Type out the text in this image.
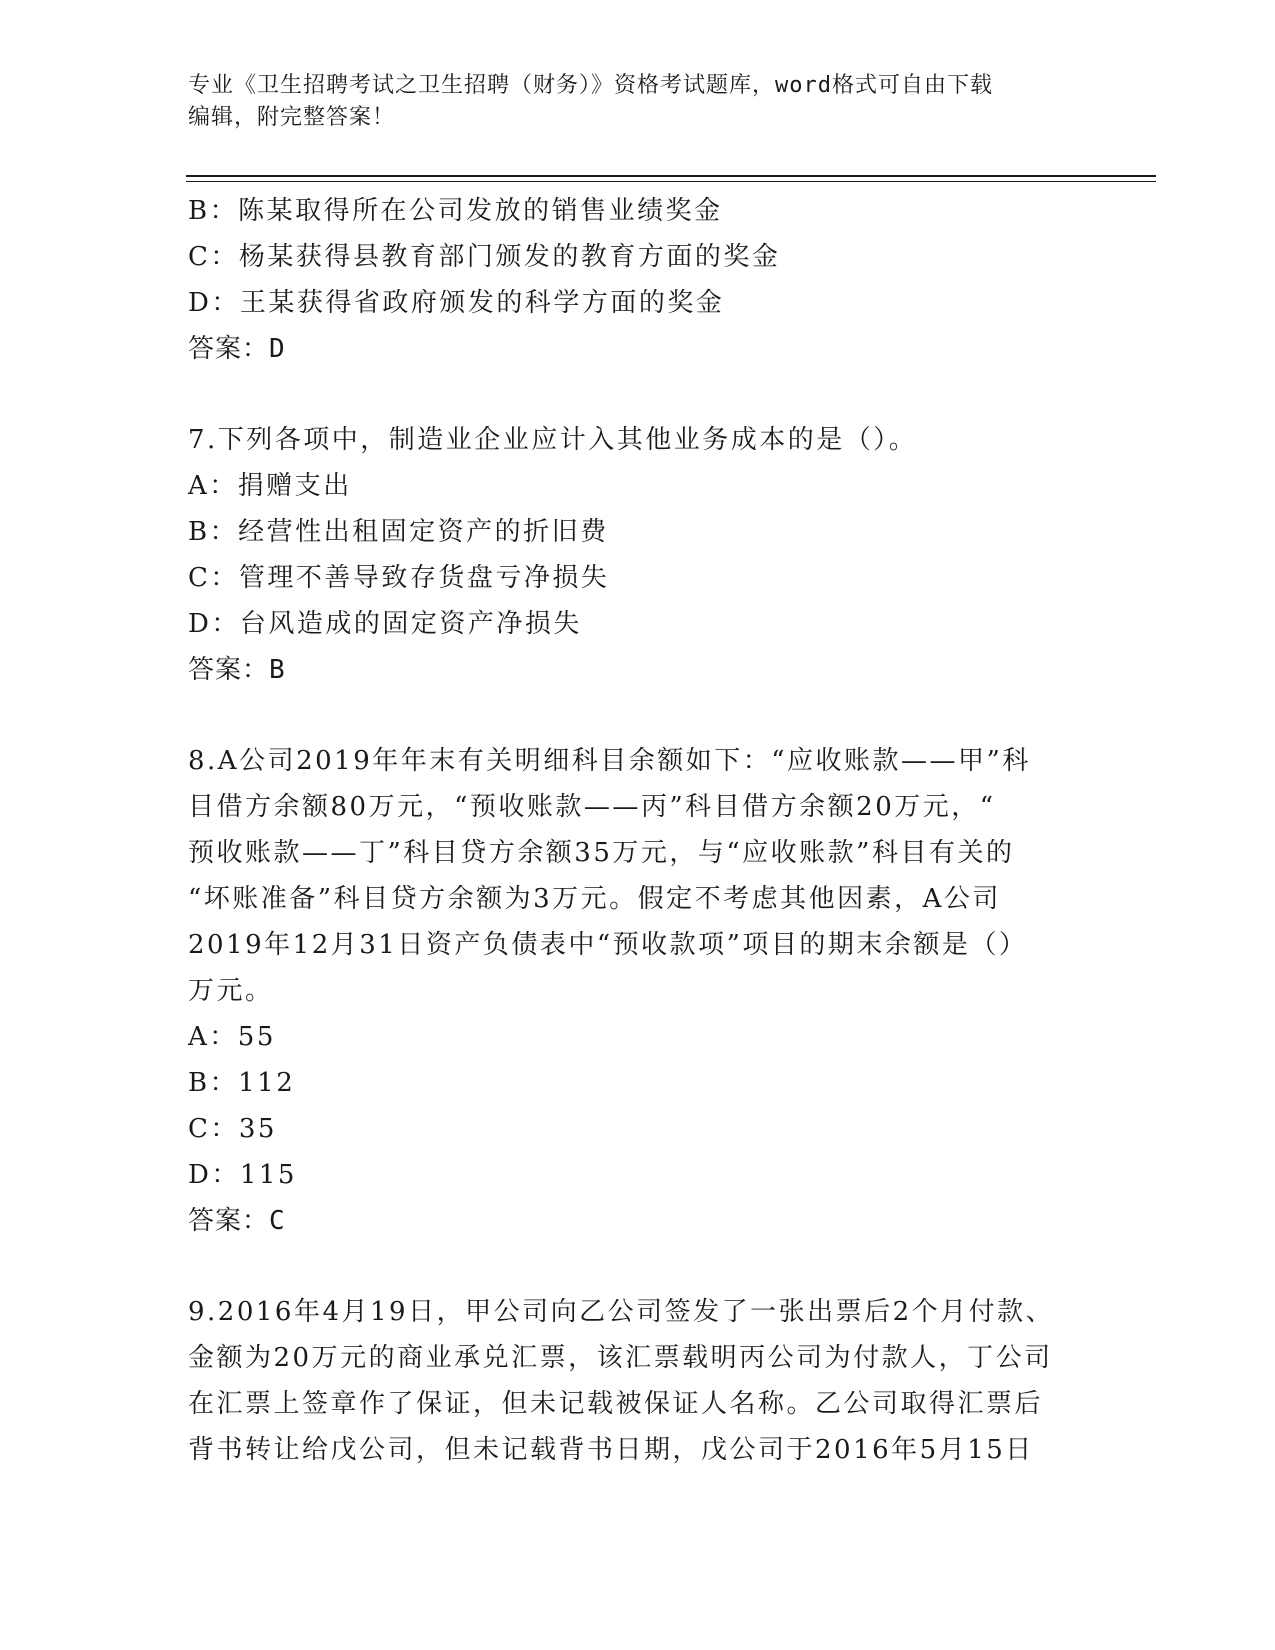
专业《卫生招聘考试之卫生招聘（财务）》资格考试题库，word格式可自由下载
编辑，附完整答案！
B：陈某取得所在公司发放的销售业绩奖金
C：杨某获得县教育部门颁发的教育方面的奖金
D：王某获得省政府颁发的科学方面的奖金
答案：D
7.下列各项中，制造业企业应计入其他业务成本的是（）。
A：捐赠支出
B：经营性出租固定资产的折旧费
C：管理不善导致存货盘亏净损失
D：台风造成的固定资产净损失
答案：B
8.A公司2019年年末有关明细科目余额如下：“应收账款——甲”科
目借方余额80万元，“预收账款——丙”科目借方余额20万元，“
预收账款——丁”科目贷方余额35万元，与“应收账款”科目有关的
“坏账准备”科目贷方余额为3万元。假定不考虑其他因素，A公司
2019年12月31日资产负债表中“预收款项”项目的期末余额是（）
万元。
A：55
B：112
C：35
D：115
答案：C
9.2016年4月19日，甲公司向乙公司签发了一张出票后2个月付款、
金额为20万元的商业承兑汇票，该汇票载明丙公司为付款人，丁公司
在汇票上签章作了保证，但未记载被保证人名称。乙公司取得汇票后
背书转让给戊公司，但未记载背书日期，戊公司于2016年5月15日
